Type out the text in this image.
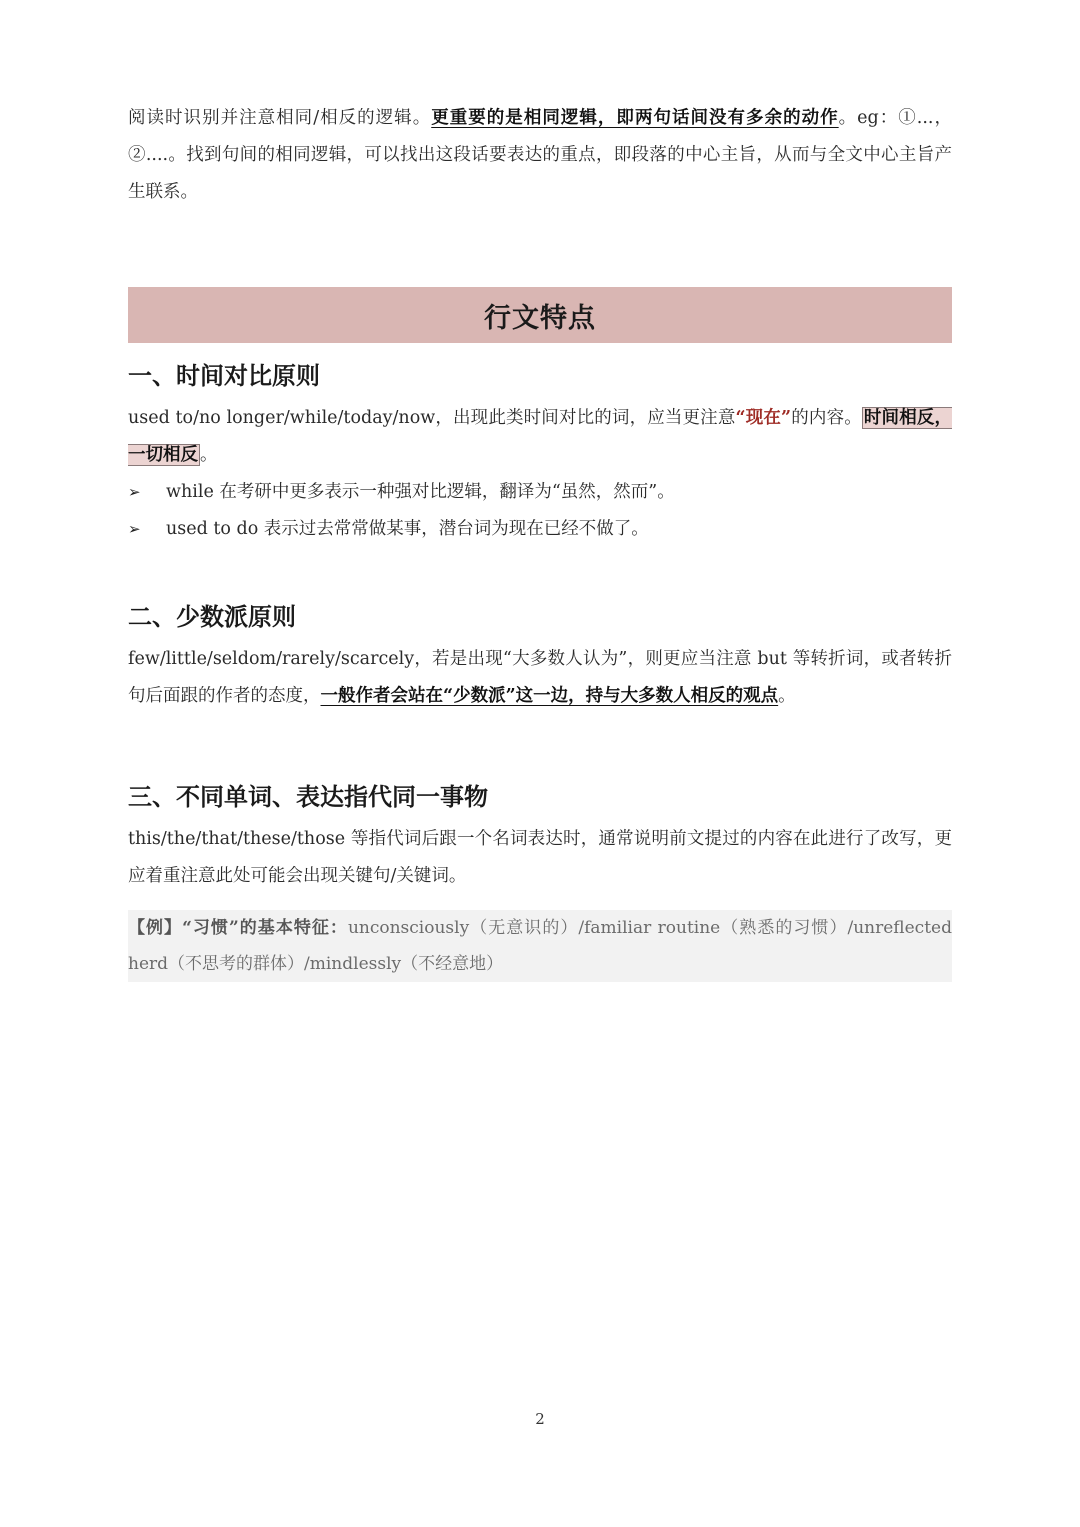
阅读时识别并注意相同/相反的逻辑。更重要的是相同逻辑，即两句话间没有多余的动作。eg：①...，②....。找到句间的相同逻辑，可以找出这段话要表达的重点，即段落的中心主旨，从而与全文中心主旨产生联系。
行文特点
一、时间对比原则
used to/no longer/while/today/now，出现此类时间对比的词，应当更注意“现在”的内容。 时间相反，一切相反 。
➢	while 在考研中更多表示一种强对比逻辑，翻译为“虽然，然而”。
➢	used to do 表示过去常常做某事，潜台词为现在已经不做了。
二、少数派原则
few/little/seldom/rarely/scarcely，若是出现“大多数人认为”，则更应当注意 but 等转折词，或者转折句后面跟的作者的态度，一般作者会站在“少数派”这一边，持与大多数人相反的观点。
三、不同单词、表达指代同一事物
this/the/that/these/those 等指代词后跟一个名词表达时，通常说明前文提过的内容在此进行了改写，更应着重注意此处可能会出现关键句/关键词。
【例】“习惯”的基本特征：unconsciously（无意识的）/familiar routine（熟悉的习惯）/unreflected herd（不思考的群体）/mindlessly（不经意地）
2
